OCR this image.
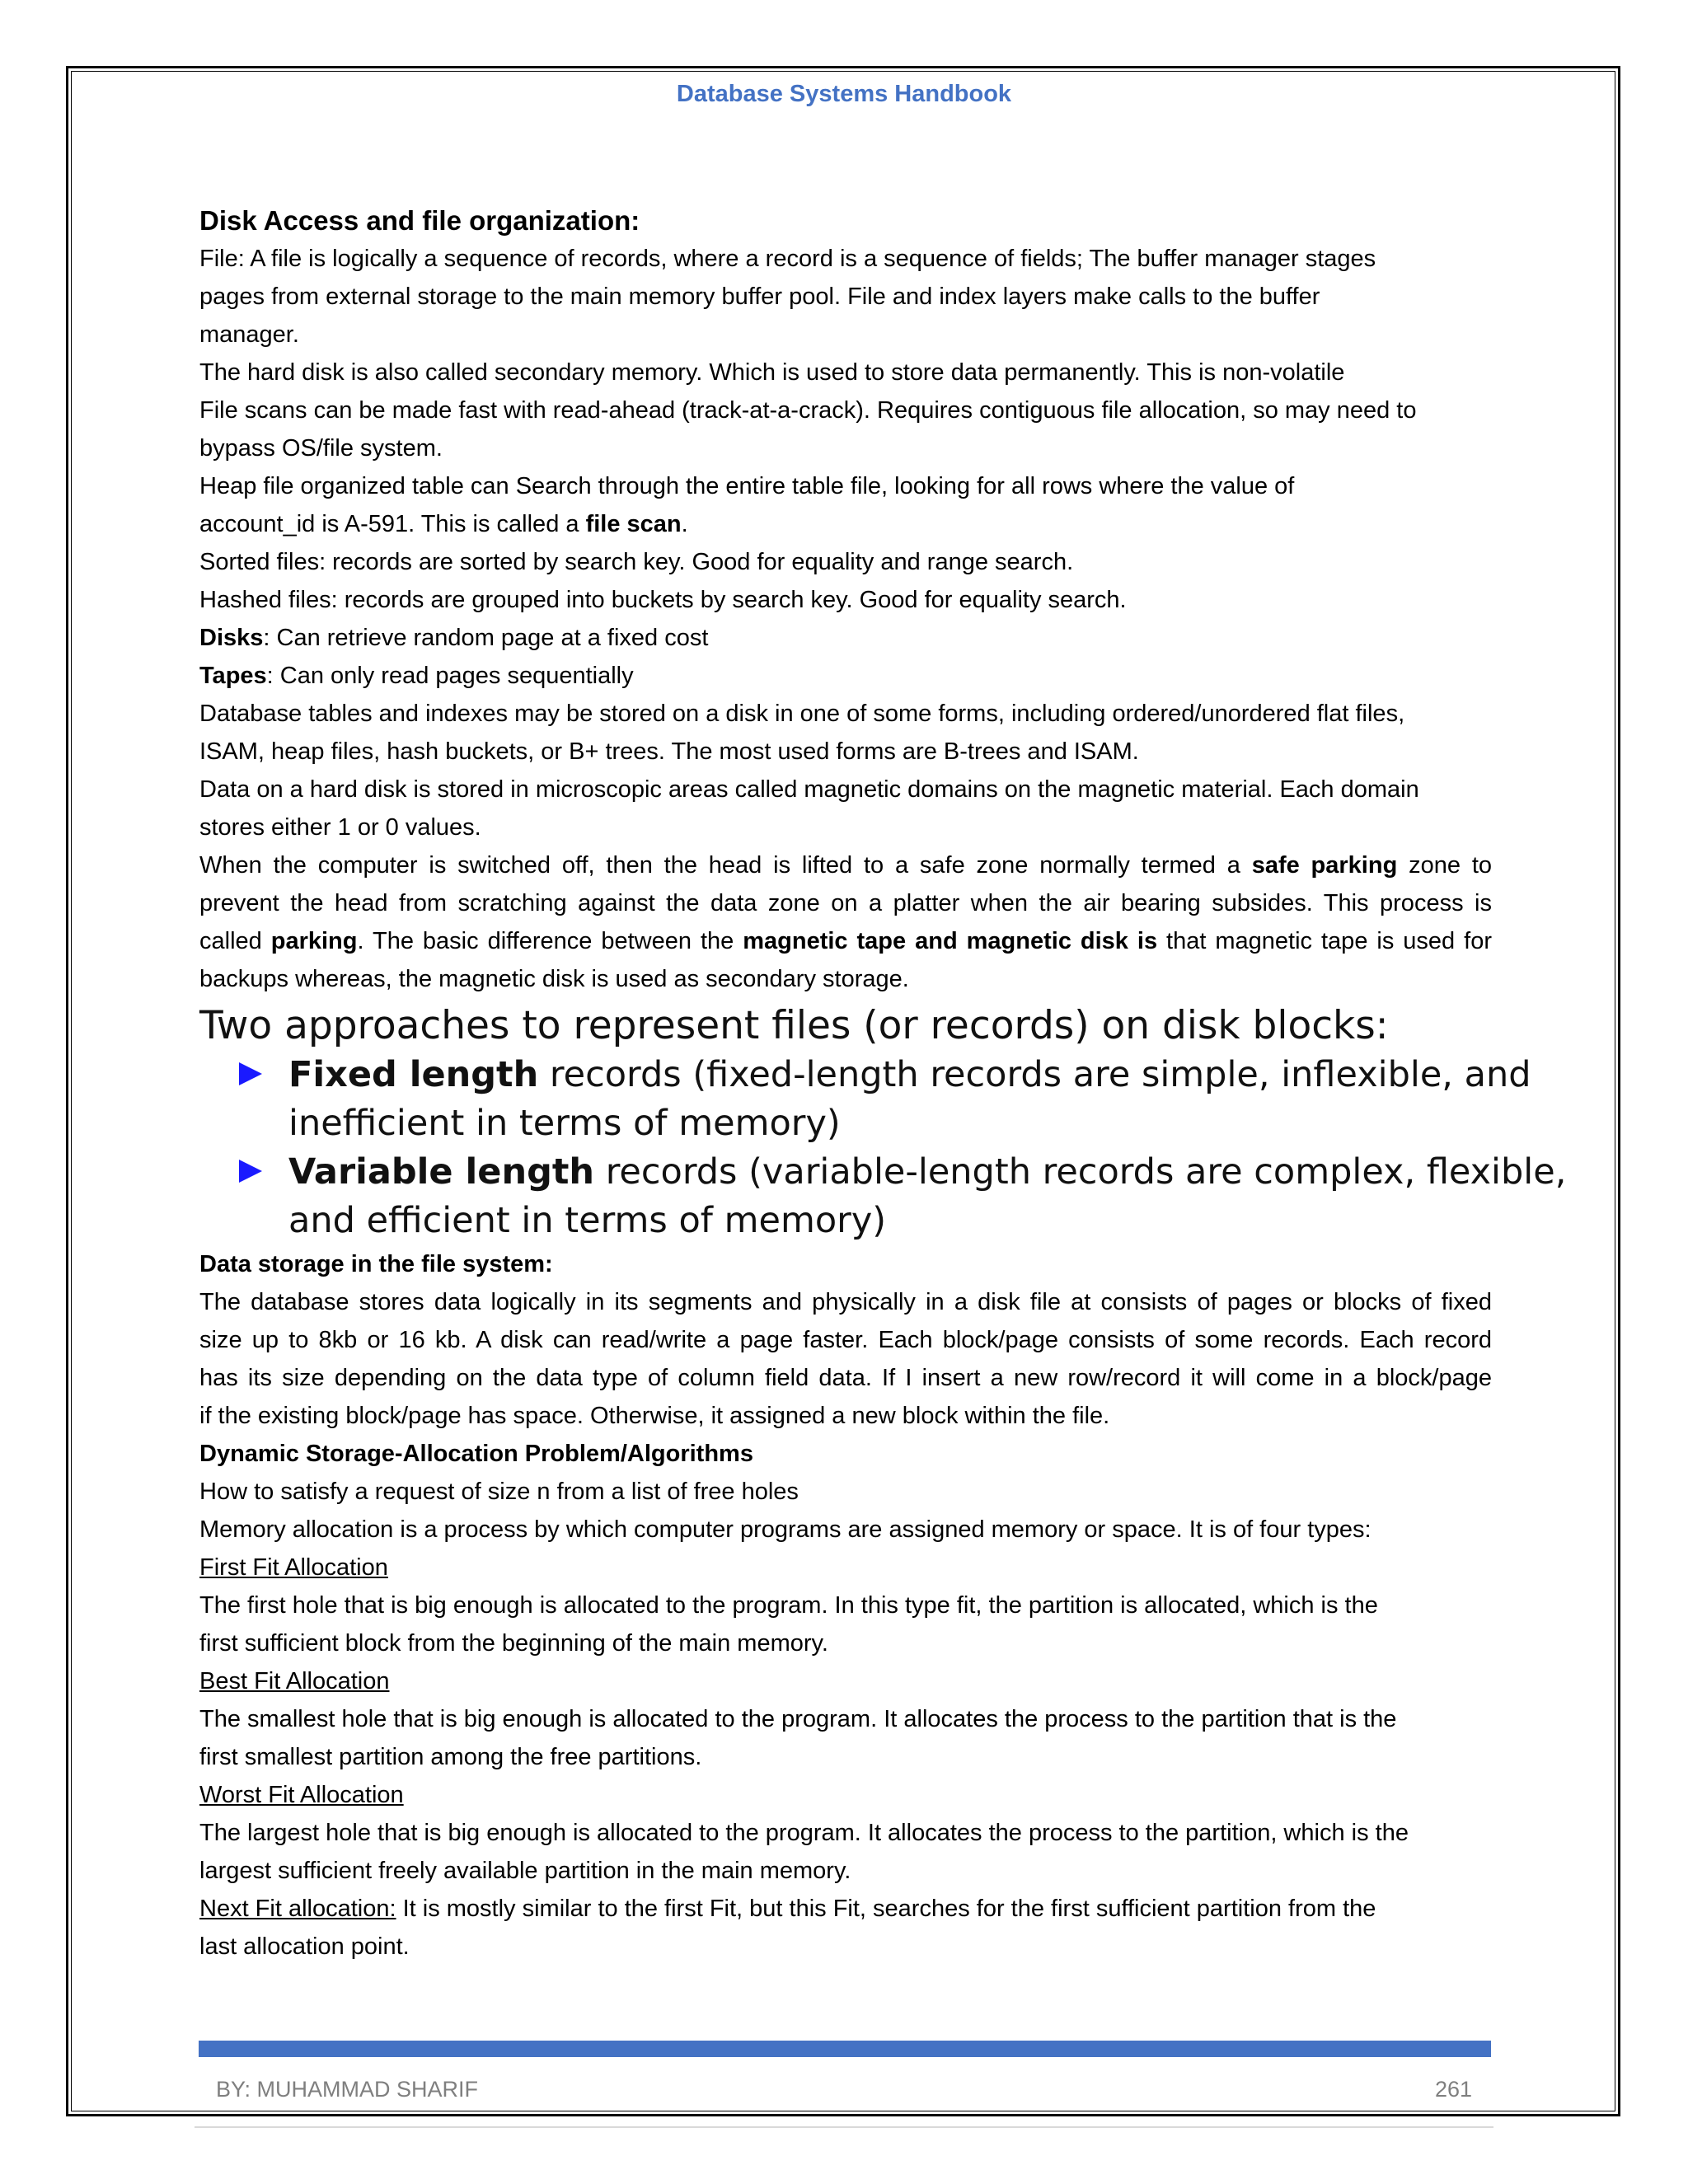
Database Systems Handbook
Disk Access and file organization:
File: A file is logically a sequence of records, where a record is a sequence of fields; The buffer manager stages
pages from external storage to the main memory buffer pool. File and index layers make calls to the buffer
manager.
The hard disk is also called secondary memory. Which is used to store data permanently. This is non-volatile
File scans can be made fast with read-ahead (track-at-a-crack). Requires contiguous file allocation, so may need to
bypass OS/file system.
Heap file organized table can Search through the entire table file, looking for all rows where the value of
account_id is A-591. This is called a file scan.
Sorted files: records are sorted by search key. Good for equality and range search.
Hashed files: records are grouped into buckets by search key. Good for equality search.
Disks: Can retrieve random page at a fixed cost
Tapes: Can only read pages sequentially
Database tables and indexes may be stored on a disk in one of some forms, including ordered/unordered flat files,
ISAM, heap files, hash buckets, or B+ trees. The most used forms are B-trees and ISAM.
Data on a hard disk is stored in microscopic areas called magnetic domains on the magnetic material. Each domain
stores either 1 or 0 values.
When the computer is switched off, then the head is lifted to a safe zone normally termed a safe parking zone to
prevent the head from scratching against the data zone on a platter when the air bearing subsides. This process is
called parking. The basic difference between the magnetic tape and magnetic disk is that magnetic tape is used for
backups whereas, the magnetic disk is used as secondary storage.
Two approaches to represent files (or records) on disk blocks:
Fixed length records (fixed-length records are simple, inflexible, and
inefficient in terms of memory)
Variable length records (variable-length records are complex, flexible,
and efficient in terms of memory)
Data storage in the file system:
The database stores data logically in its segments and physically in a disk file at consists of pages or blocks of fixed
size up to 8kb or 16 kb. A disk can read/write a page faster. Each block/page consists of some records. Each record
has its size depending on the data type of column field data. If I insert a new row/record it will come in a block/page
if the existing block/page has space. Otherwise, it assigned a new block within the file.
Dynamic Storage-Allocation Problem/Algorithms
How to satisfy a request of size n from a list of free holes
Memory allocation is a process by which computer programs are assigned memory or space. It is of four types:
First Fit Allocation
The first hole that is big enough is allocated to the program. In this type fit, the partition is allocated, which is the
first sufficient block from the beginning of the main memory.
Best Fit Allocation
The smallest hole that is big enough is allocated to the program. It allocates the process to the partition that is the
first smallest partition among the free partitions.
Worst Fit Allocation
The largest hole that is big enough is allocated to the program. It allocates the process to the partition, which is the
largest sufficient freely available partition in the main memory.
Next Fit allocation: It is mostly similar to the first Fit, but this Fit, searches for the first sufficient partition from the
last allocation point.
BY: MUHAMMAD SHARIF	261
